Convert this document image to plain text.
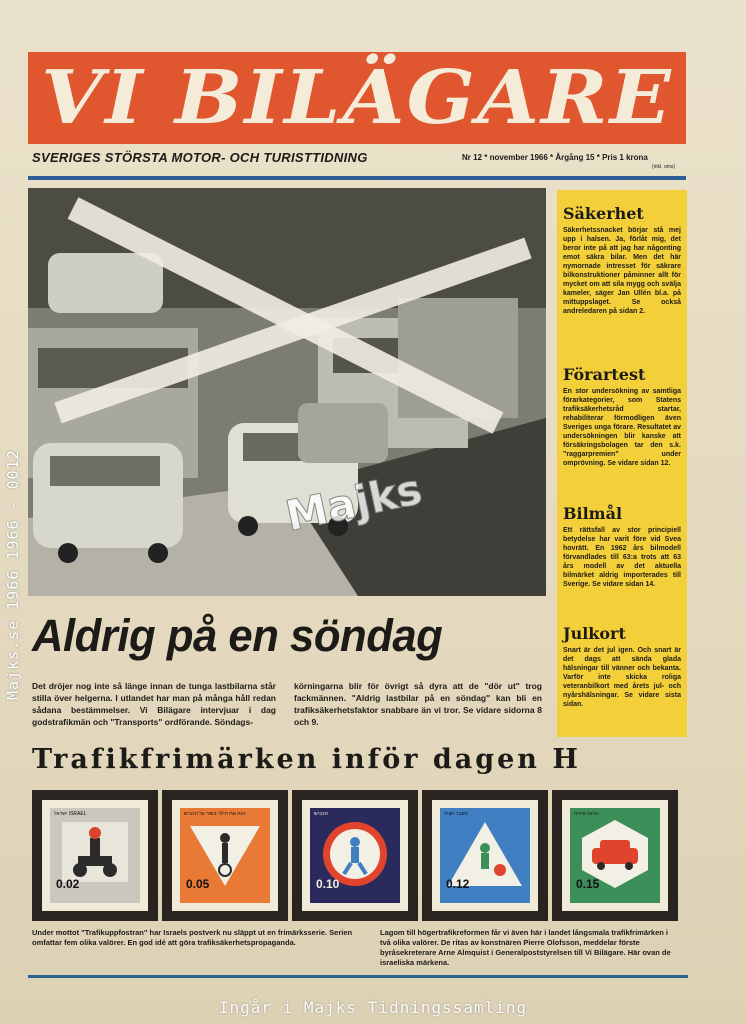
VI BILÄGARE
SVERIGES STÖRSTA MOTOR- OCH TURISTTIDNING	Nr 12 * november 1966 * Årgång 15 * Pris 1 krona
(inkl. oms)
Majks
Säkerhet
Säkerhetssnacket börjar stå mej upp i halsen. Ja, förlåt mig, det beror inte på att jag har någonting emot säkra bilar. Men det här nymornade intresset för säkrare bilkonstruktioner påminner allt för mycket om att sila mygg och svälja kameler, säger Jan Ullén bl.a. på mittuppslaget. Se också andreledaren på sidan 2.
Förartest
En stor undersökning av samtliga förarkategorier, som Statens trafiksäkerhetsråd startar, rehabiliterar förmodligen även Sveriges unga förare. Resultatet av undersökningen blir kanske att försäkringsbolagen tar den s.k. "raggarpremien" under omprövning. Se vidare sidan 12.
Bilmål
Ett rättsfall av stor principiell betydelse har varit före vid Svea hovrätt. En 1962 års bilmodell förvandlades till 63:a trots att 63 års modell av det aktuella bilmärket aldrig importerades till Sverige. Se vidare sidan 14.
Julkort
Snart är det jul igen. Och snart är det dags att sända glada hälsningar till vänner och bekanta. Varför inte skicka roliga veteranbilkort med årets jul- och nyårshälsningar. Se vidare sista sidan.
Aldrig på en söndag
Det dröjer nog inte så länge innan de tunga lastbilarna står stilla över helgerna. I utlandet har man på många håll redan sådana bestämmelser. Vi Bilägare intervjuar i dag godstrafikmän och "Transports" ordförande. Söndags-
körningarna blir för övrigt så dyra att de "dör ut" trog fackmännen. "Aldrig lastbilar på en söndag" kan bli en trafiksäkerhetsfaktor snabbare än vi tror. Se vidare sidorna 8 och 9.
Trafikfrimärken inför dagen H
ישראל ISRAEL
0.02
הנח את הילד בשיר על הכביש
0.05
הכביש
0.10
מעבר חציה
0.12
נהיגה זהירה
0.15
Under mottot "Trafikuppfostran" har Israels postverk nu släppt ut en frimärksserie. Serien omfattar fem olika valörer. En god idé att göra trafiksäkerhetspropaganda.
Lagom till högertrafikreformen får vi även här i landet långsmala trafikfrimärken i två olika valörer. De ritas av konstnären Pierre Olofsson, meddelar förste byråsekreterare Arne Almquist i Generalpoststyrelsen till Vi Bilägare. Här ovan de israeliska märkena.
Ingår i Majks Tidningssamling
Majks.se 1966 1966 - 0012
